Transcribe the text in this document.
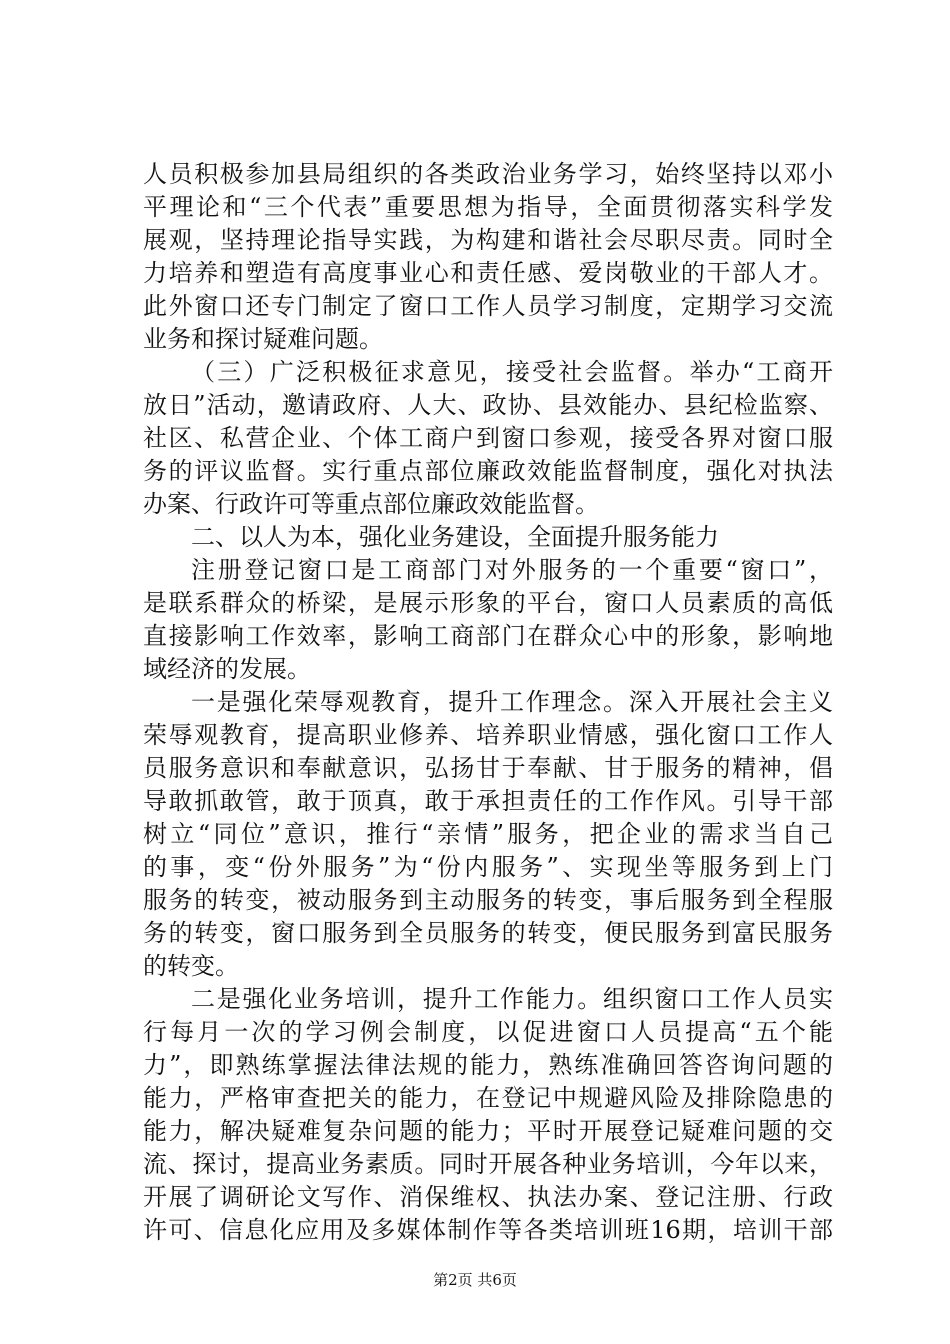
人员积极参加县局组织的各类政治业务学习，始终坚持以邓小
平理论和“三个代表”重要思想为指导，全面贯彻落实科学发
展观，坚持理论指导实践，为构建和谐社会尽职尽责。同时全
力培养和塑造有高度事业心和责任感、爱岗敬业的干部人才。
此外窗口还专门制定了窗口工作人员学习制度，定期学习交流
业务和探讨疑难问题。
（三）广泛积极征求意见，接受社会监督。举办“工商开
放日”活动，邀请政府、人大、政协、县效能办、县纪检监察、
社区、私营企业、个体工商户到窗口参观，接受各界对窗口服
务的评议监督。实行重点部位廉政效能监督制度，强化对执法
办案、行政许可等重点部位廉政效能监督。
二、以人为本，强化业务建设，全面提升服务能力
注册登记窗口是工商部门对外服务的一个重要“窗口”，
是联系群众的桥梁，是展示形象的平台，窗口人员素质的高低
直接影响工作效率，影响工商部门在群众心中的形象，影响地
域经济的发展。
一是强化荣辱观教育，提升工作理念。深入开展社会主义
荣辱观教育，提高职业修养、培养职业情感，强化窗口工作人
员服务意识和奉献意识，弘扬甘于奉献、甘于服务的精神，倡
导敢抓敢管，敢于顶真，敢于承担责任的工作作风。引导干部
树立“同位”意识，推行“亲情”服务，把企业的需求当自己
的事，变“份外服务”为“份内服务”、实现坐等服务到上门
服务的转变，被动服务到主动服务的转变，事后服务到全程服
务的转变，窗口服务到全员服务的转变，便民服务到富民服务
的转变。
二是强化业务培训，提升工作能力。组织窗口工作人员实
行每月一次的学习例会制度，以促进窗口人员提高“五个能
力”，即熟练掌握法律法规的能力，熟练准确回答咨询问题的
能力，严格审查把关的能力，在登记中规避风险及排除隐患的
能力，解决疑难复杂问题的能力；平时开展登记疑难问题的交
流、探讨，提高业务素质。同时开展各种业务培训，今年以来，
开展了调研论文写作、消保维权、执法办案、登记注册、行政
许可、信息化应用及多媒体制作等各类培训班16期，培训干部
第2页 共6页
